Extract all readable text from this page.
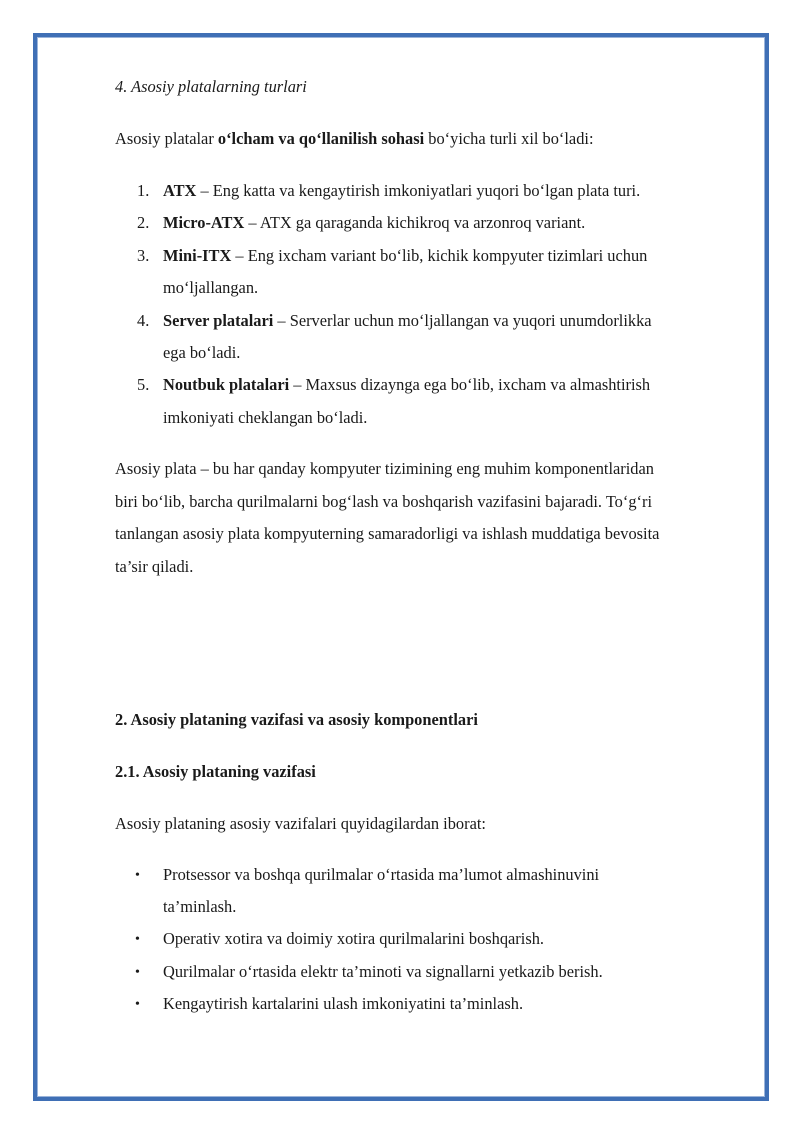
4. Asosiy platalarning turlari
Asosiy platalar o‘lcham va qo‘llanilish sohasi bo‘yicha turli xil bo‘ladi:
1. ATX – Eng katta va kengaytirish imkoniyatlari yuqori bo‘lgan plata turi.
2. Micro-ATX – ATX ga qaraganda kichikroq va arzonroq variant.
3. Mini-ITX – Eng ixcham variant bo‘lib, kichik kompyuter tizimlari uchun
mo‘ljallangan.
4. Server platalari – Serverlar uchun mo‘ljallangan va yuqori unumdorlikka
ega bo‘ladi.
5. Noutbuk platalari – Maxsus dizaynga ega bo‘lib, ixcham va almashtirish
imkoniyati cheklangan bo‘ladi.
Asosiy plata – bu har qanday kompyuter tizimining eng muhim komponentlaridan
biri bo‘lib, barcha qurilmalarni bog‘lash va boshqarish vazifasini bajaradi. To‘g‘ri
tanlangan asosiy plata kompyuterning samaradorligi va ishlash muddatiga bevosita
ta’sir qiladi.
2. Asosiy plataning vazifasi va asosiy komponentlari
2.1. Asosiy plataning vazifasi
Asosiy plataning asosiy vazifalari quyidagilardan iborat:
•	Protsessor va boshqa qurilmalar o‘rtasida ma’lumot almashinuvini
ta’minlash.
•	Operativ xotira va doimiy xotira qurilmalarini boshqarish.
•	Qurilmalar o‘rtasida elektr ta’minoti va signallarni yetkazib berish.
•	Kengaytirish kartalarini ulash imkoniyatini ta’minlash.
